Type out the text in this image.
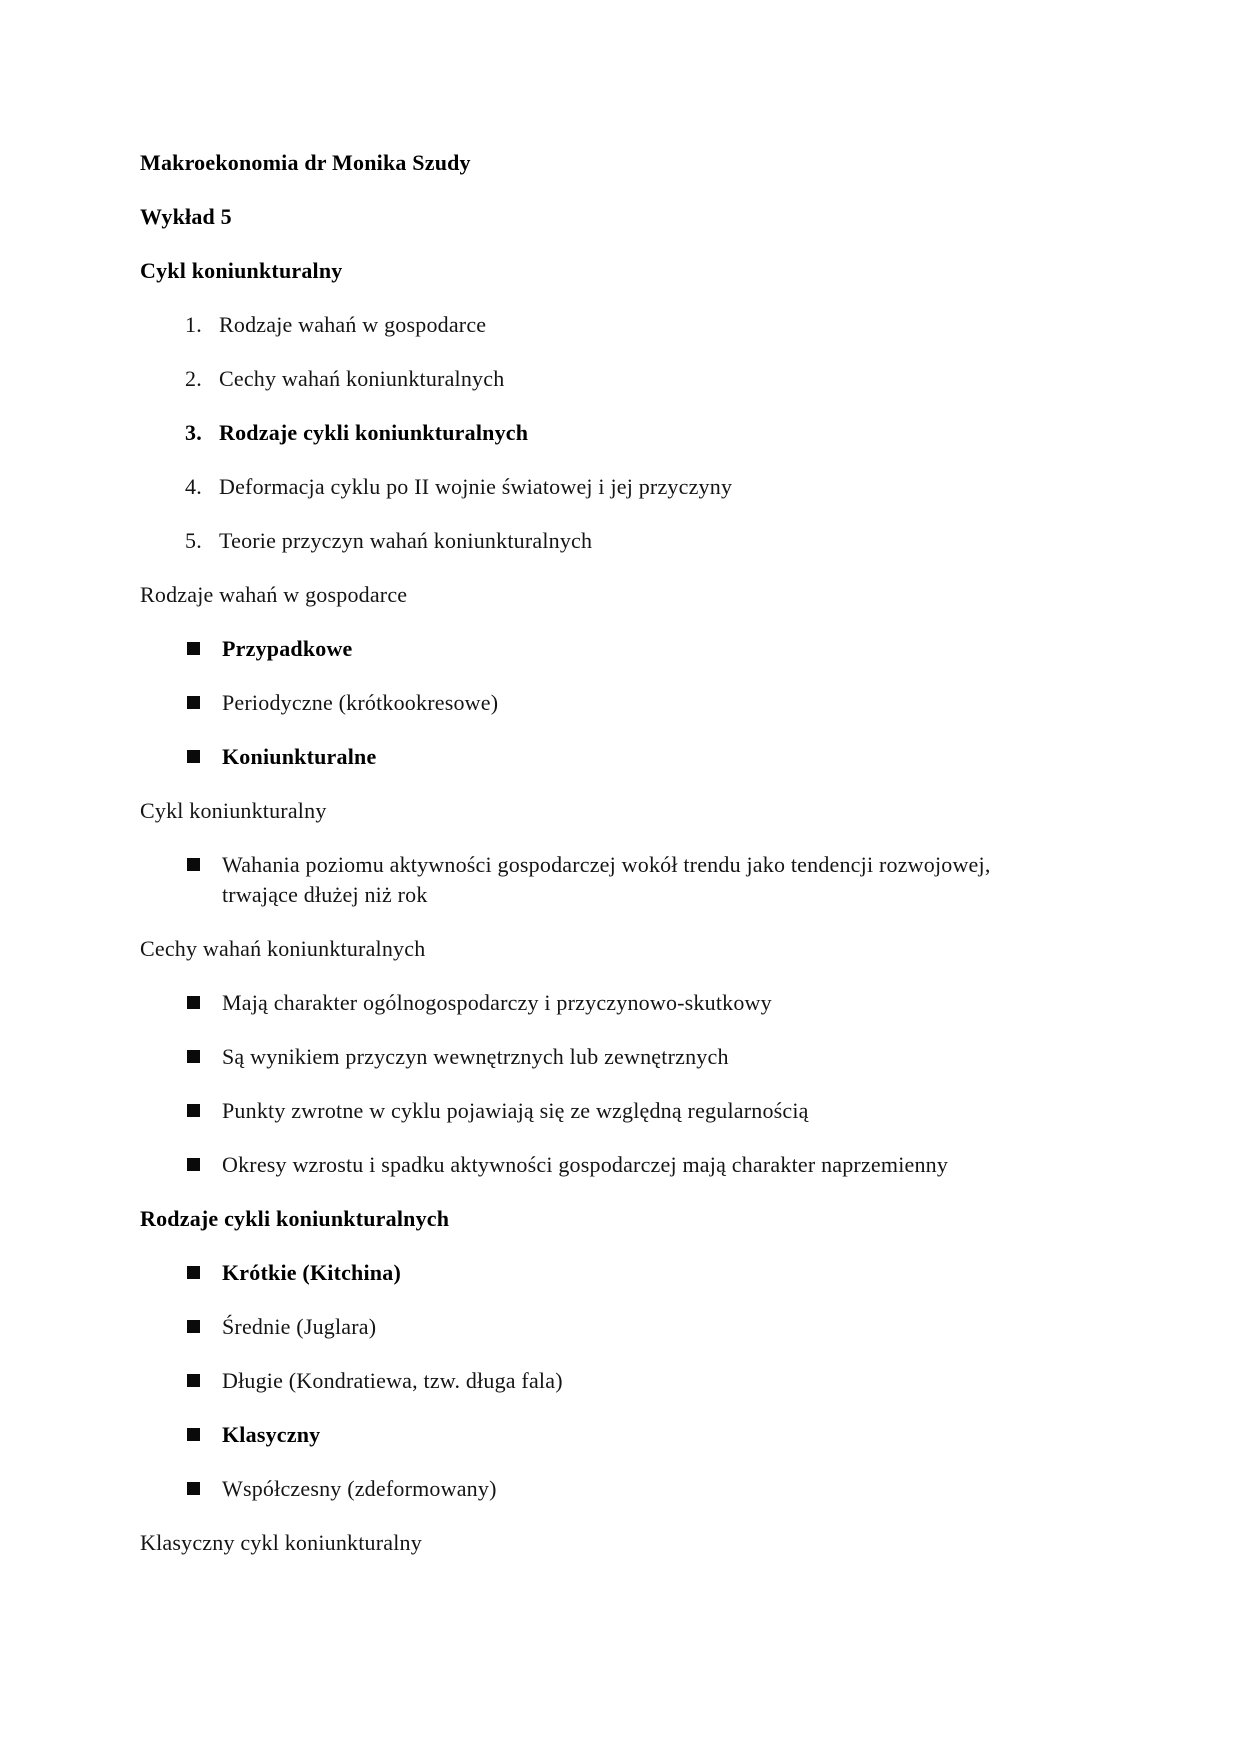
Makroekonomia dr Monika Szudy

Wykład 5

Cykl koniunkturalny

1. Rodzaje wahań w gospodarce
2. Cechy wahań koniunkturalnych
3. Rodzaje cykli koniunkturalnych
4. Deformacja cyklu po II wojnie światowej i jej przyczyny
5. Teorie przyczyn wahań koniunkturalnych

Rodzaje wahań w gospodarce

Przypadkowe
Periodyczne (krótkookresowe)
Koniunkturalne

Cykl koniunkturalny

Wahania poziomu aktywności gospodarczej wokół trendu jako tendencji rozwojowej, trwające dłużej niż rok

Cechy wahań koniunkturalnych

Mają charakter ogólnogospodarczy i przyczynowo-skutkowy
Są wynikiem przyczyn wewnętrznych lub zewnętrznych
Punkty zwrotne w cyklu pojawiają się ze względną regularnością
Okresy wzrostu i spadku aktywności gospodarczej mają charakter naprzemienny

Rodzaje cykli koniunkturalnych

Krótkie (Kitchina)
Średnie (Juglara)
Długie (Kondratiewa, tzw. długa fala)
Klasyczny
Współczesny (zdeformowany)

Klasyczny cykl koniunkturalny
